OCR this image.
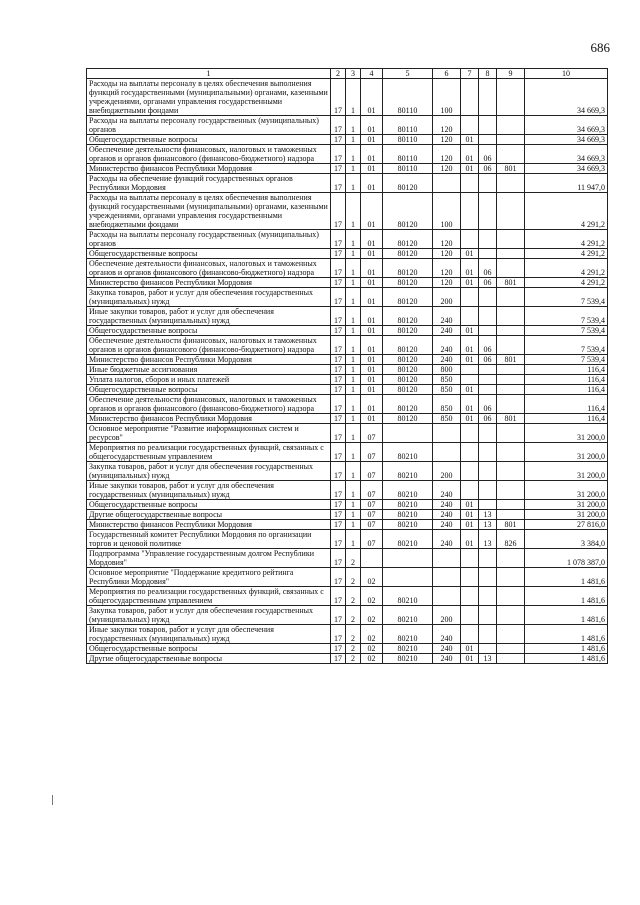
686
1	2	3	4	5	6	7	8	9	10
Расходы на выплаты персоналу в целях обеспечения выполнения функций государственными (муниципальными) органами, казенными учреждениями, органами управления государственными внебюджетными фондами	17	1	01	80110	100				34 669,3
Расходы на выплаты персоналу государственных (муниципальных) органов	17	1	01	80110	120				34 669,3
Общегосударственные вопросы	17	1	01	80110	120	01			34 669,3
Обеспечение деятельности финансовых, налоговых и таможенных органов и органов финансового (финансово-бюджетного) надзора	17	1	01	80110	120	01	06		34 669,3
Министерство финансов Республики Мордовия	17	1	01	80110	120	01	06	801	34 669,3
Расходы на обеспечение функций государственных органов Республики Мордовия	17	1	01	80120					11 947,0
Расходы на выплаты персоналу в целях обеспечения выполнения функций государственными (муниципальными) органами, казенными учреждениями, органами управления государственными внебюджетными фондами	17	1	01	80120	100				4 291,2
Расходы на выплаты персоналу государственных (муниципальных) органов	17	1	01	80120	120				4 291,2
Общегосударственные вопросы	17	1	01	80120	120	01			4 291,2
Обеспечение деятельности финансовых, налоговых и таможенных органов и органов финансового (финансово-бюджетного) надзора	17	1	01	80120	120	01	06		4 291,2
Министерство финансов Республики Мордовия	17	1	01	80120	120	01	06	801	4 291,2
Закупка товаров, работ и услуг для обеспечения государственных (муниципальных) нужд	17	1	01	80120	200				7 539,4
Иные закупки товаров, работ и услуг для обеспечения государственных (муниципальных) нужд	17	1	01	80120	240				7 539,4
Общегосударственные вопросы	17	1	01	80120	240	01			7 539,4
Обеспечение деятельности финансовых, налоговых и таможенных органов и органов финансового (финансово-бюджетного) надзора	17	1	01	80120	240	01	06		7 539,4
Министерство финансов Республики Мордовия	17	1	01	80120	240	01	06	801	7 539,4
Иные бюджетные ассигнования	17	1	01	80120	800				116,4
Уплата налогов, сборов и иных платежей	17	1	01	80120	850				116,4
Общегосударственные вопросы	17	1	01	80120	850	01			116,4
Обеспечение деятельности финансовых, налоговых и таможенных органов и органов финансового (финансово-бюджетного) надзора	17	1	01	80120	850	01	06		116,4
Министерство финансов Республики Мордовия	17	1	01	80120	850	01	06	801	116,4
Основное мероприятие "Развитие информационных систем и ресурсов"	17	1	07						31 200,0
Мероприятия по реализации государственных функций, связанных с общегосударственным управлением	17	1	07	80210					31 200,0
Закупка товаров, работ и услуг для обеспечения государственных (муниципальных) нужд	17	1	07	80210	200				31 200,0
Иные закупки товаров, работ и услуг для обеспечения государственных (муниципальных) нужд	17	1	07	80210	240				31 200,0
Общегосударственные вопросы	17	1	07	80210	240	01			31 200,0
Другие общегосударственные вопросы	17	1	07	80210	240	01	13		31 200,0
Министерство финансов Республики Мордовия	17	1	07	80210	240	01	13	801	27 816,0
Государственный комитет Республики Мордовия по организации торгов и ценовой политике	17	1	07	80210	240	01	13	826	3 384,0
Подпрограмма "Управление государственным долгом Республики Мордовия"	17	2							1 078 387,0
Основное мероприятие "Поддержание кредитного рейтинга Республики Мордовия"	17	2	02						1 481,6
Мероприятия по реализации государственных функций, связанных с общегосударственным управлением	17	2	02	80210					1 481,6
Закупка товаров, работ и услуг для обеспечения государственных (муниципальных) нужд	17	2	02	80210	200				1 481,6
Иные закупки товаров, работ и услуг для обеспечения государственных (муниципальных) нужд	17	2	02	80210	240				1 481,6
Общегосударственные вопросы	17	2	02	80210	240	01			1 481,6
Другие общегосударственные вопросы	17	2	02	80210	240	01	13		1 481,6
